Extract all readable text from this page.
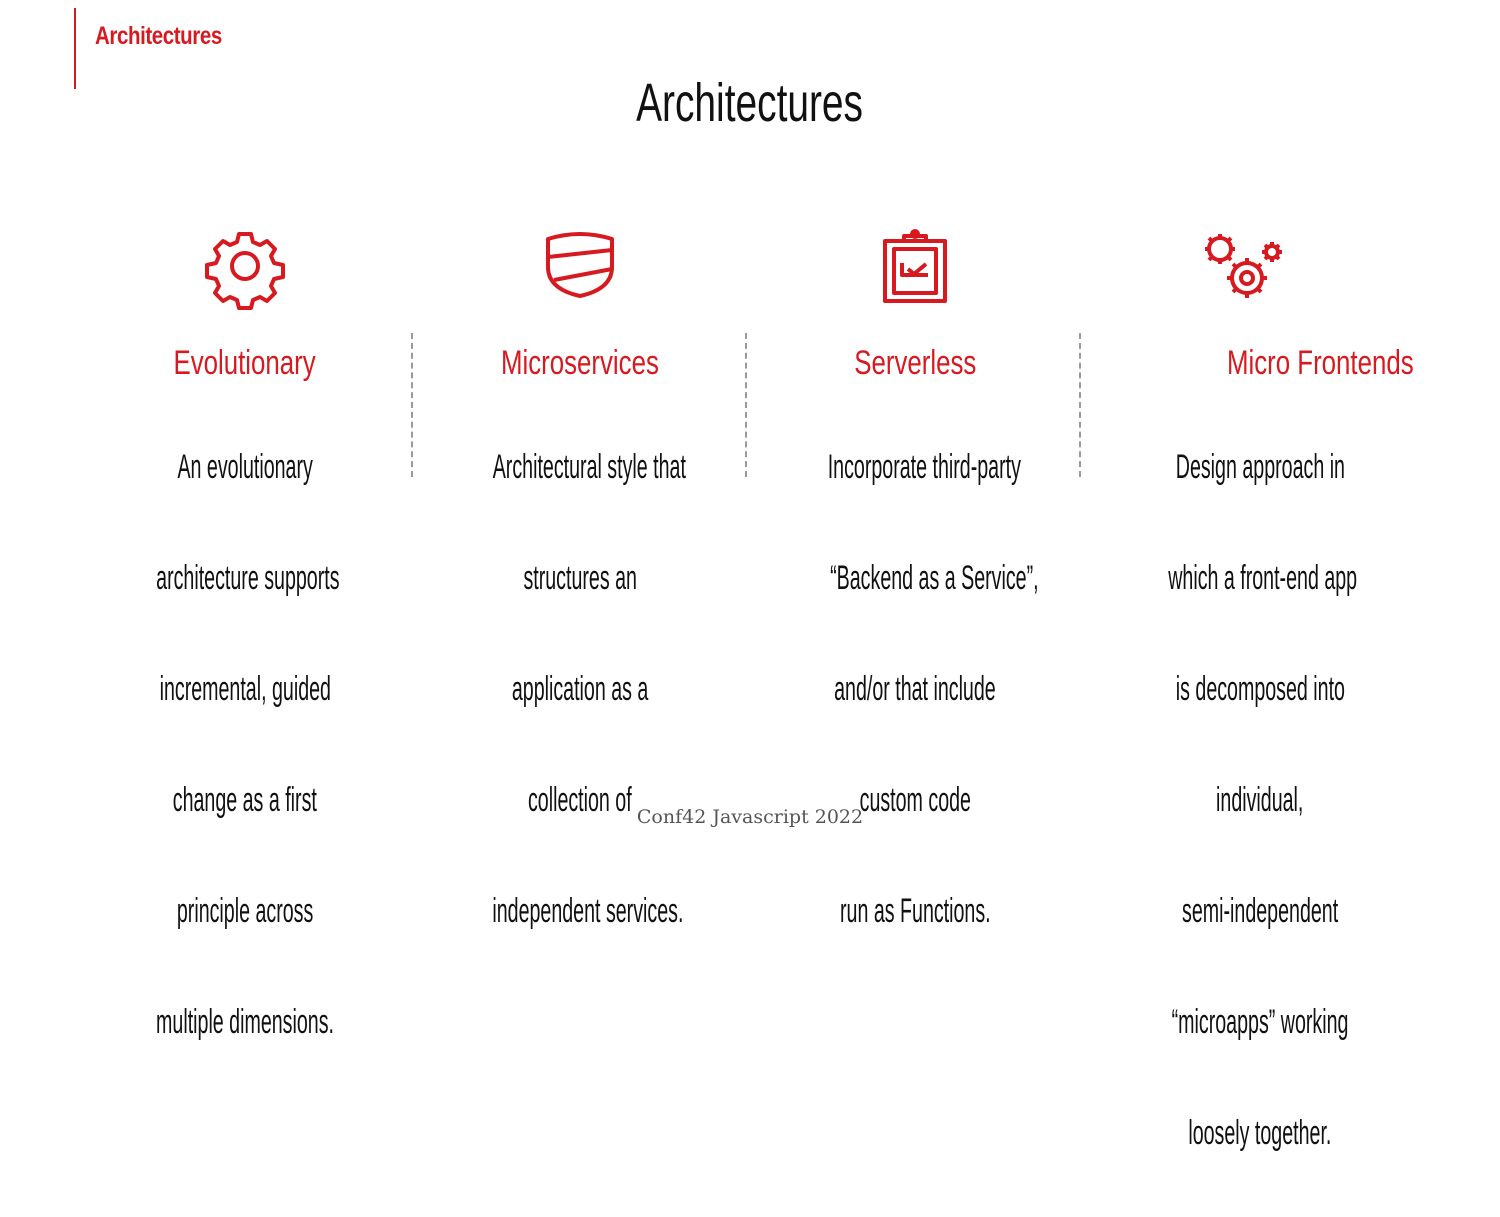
Architectures
Architectures
Evolutionary

An evolutionary

architecture supports

incremental, guided

change as a first

principle across

multiple dimensions.

Microservices

Architectural style that

structures an

application as a

collection of

independent services.

Serverless

Incorporate third-party

“Backend as a Service”,

and/or that include

custom code

run as Functions.

Micro Frontends

Design approach in

which a front-end app

is decomposed into

individual,

semi-independent

“microapps” working

loosely together.

Conf42 Javascript 2022
